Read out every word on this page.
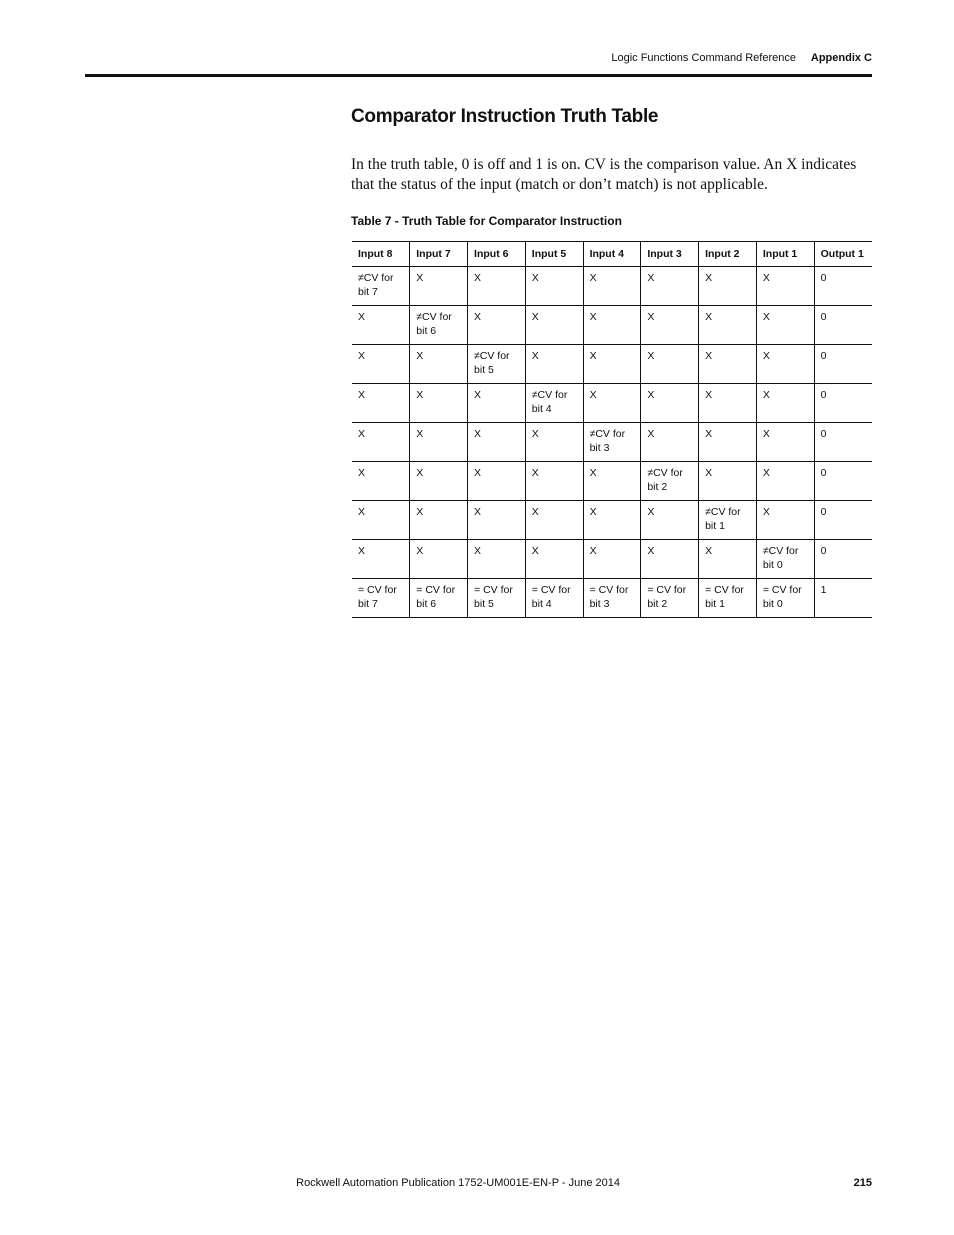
Logic Functions Command Reference Appendix C
Comparator Instruction Truth Table

In the truth table, 0 is off and 1 is on. CV is the comparison value. An X indicates that the status of the input (match or don’t match) is not applicable.

Table 7 - Truth Table for Comparator Instruction

Input 8	Input 7	Input 6	Input 5	Input 4	Input 3	Input 2	Input 1	Output 1
≠CV for bit 7	X	X	X	X	X	X	X	0
X	≠CV for bit 6	X	X	X	X	X	X	0
X	X	≠CV for bit 5	X	X	X	X	X	0
X	X	X	≠CV for bit 4	X	X	X	X	0
X	X	X	X	≠CV for bit 3	X	X	X	0
X	X	X	X	X	≠CV for bit 2	X	X	0
X	X	X	X	X	X	≠CV for bit 1	X	0
X	X	X	X	X	X	X	≠CV for bit 0	0
= CV for bit 7	= CV for bit 6	= CV for bit 5	= CV for bit 4	= CV for bit 3	= CV for bit 2	= CV for bit 1	= CV for bit 0	1
Rockwell Automation Publication 1752-UM001E-EN-P - June 2014	215
